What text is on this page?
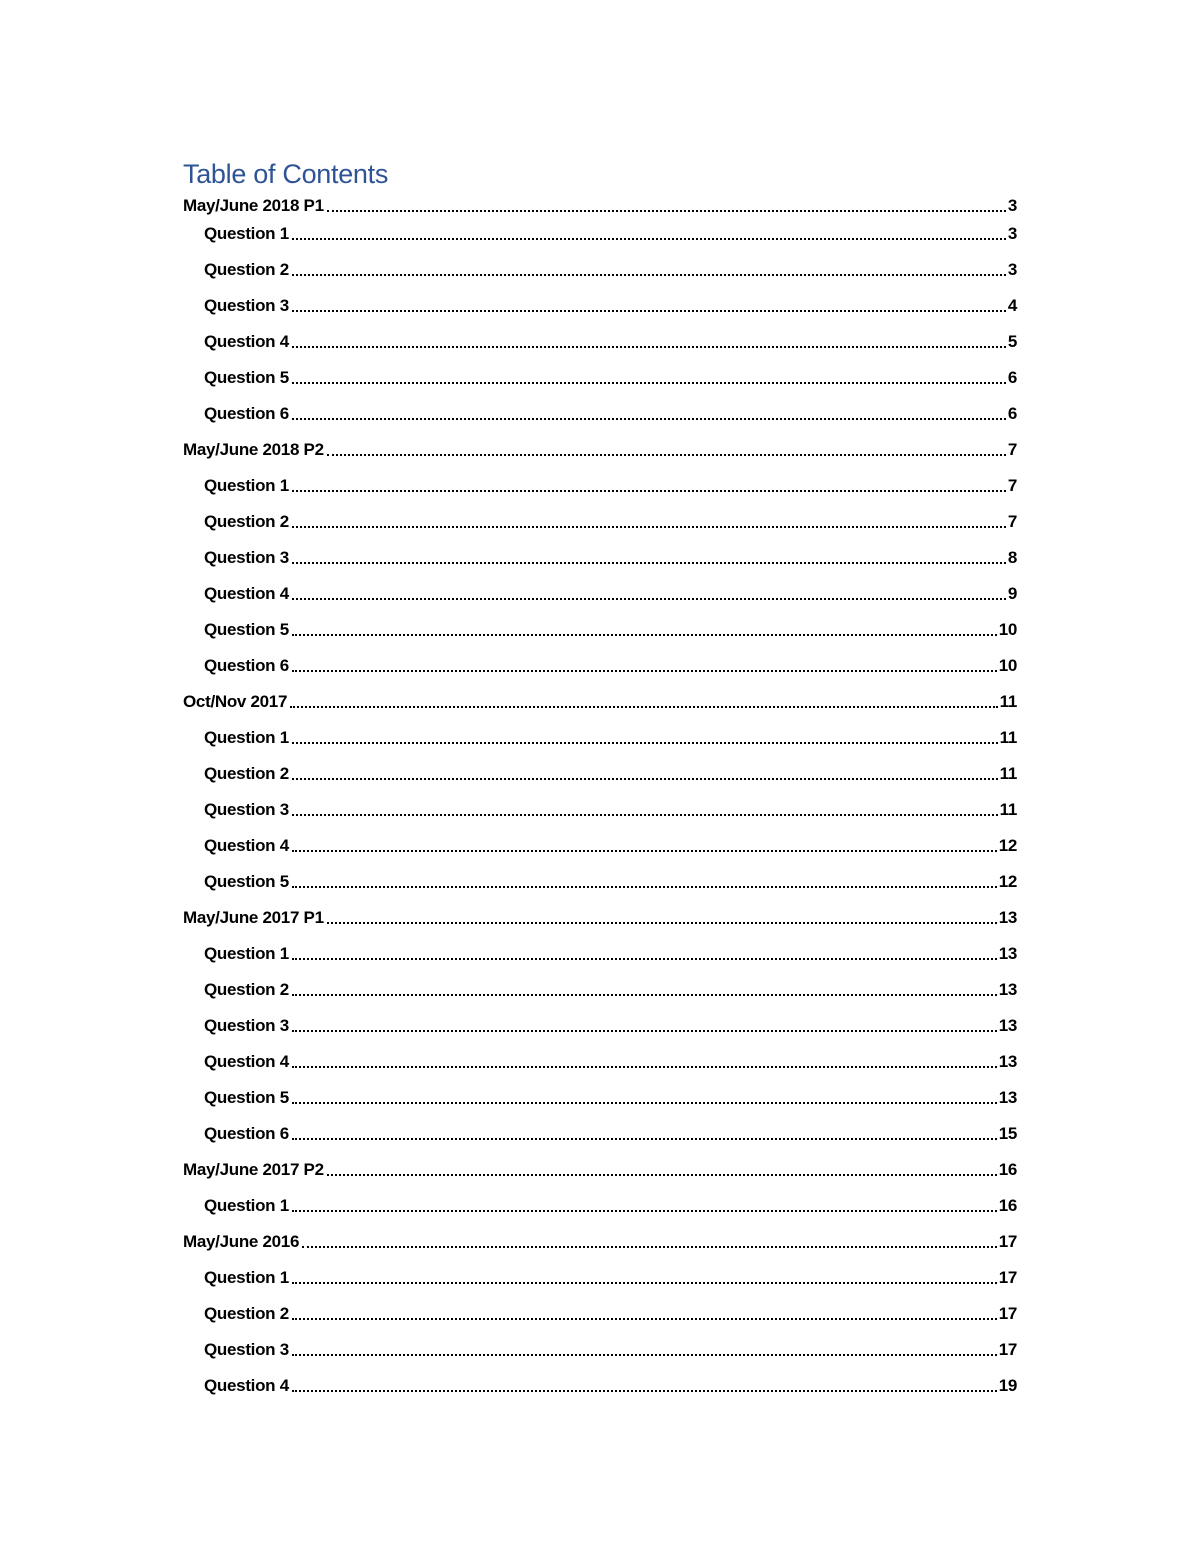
Table of Contents
May/June 2018 P1	3
Question 1	3
Question 2	3
Question 3	4
Question 4	5
Question 5	6
Question 6	6
May/June 2018 P2	7
Question 1	7
Question 2	7
Question 3	8
Question 4	9
Question 5	10
Question 6	10
Oct/Nov 2017	11
Question 1	11
Question 2	11
Question 3	11
Question 4	12
Question 5	12
May/June 2017 P1	13
Question 1	13
Question 2	13
Question 3	13
Question 4	13
Question 5	13
Question 6	15
May/June 2017 P2	16
Question 1	16
May/June 2016	17
Question 1	17
Question 2	17
Question 3	17
Question 4	19
